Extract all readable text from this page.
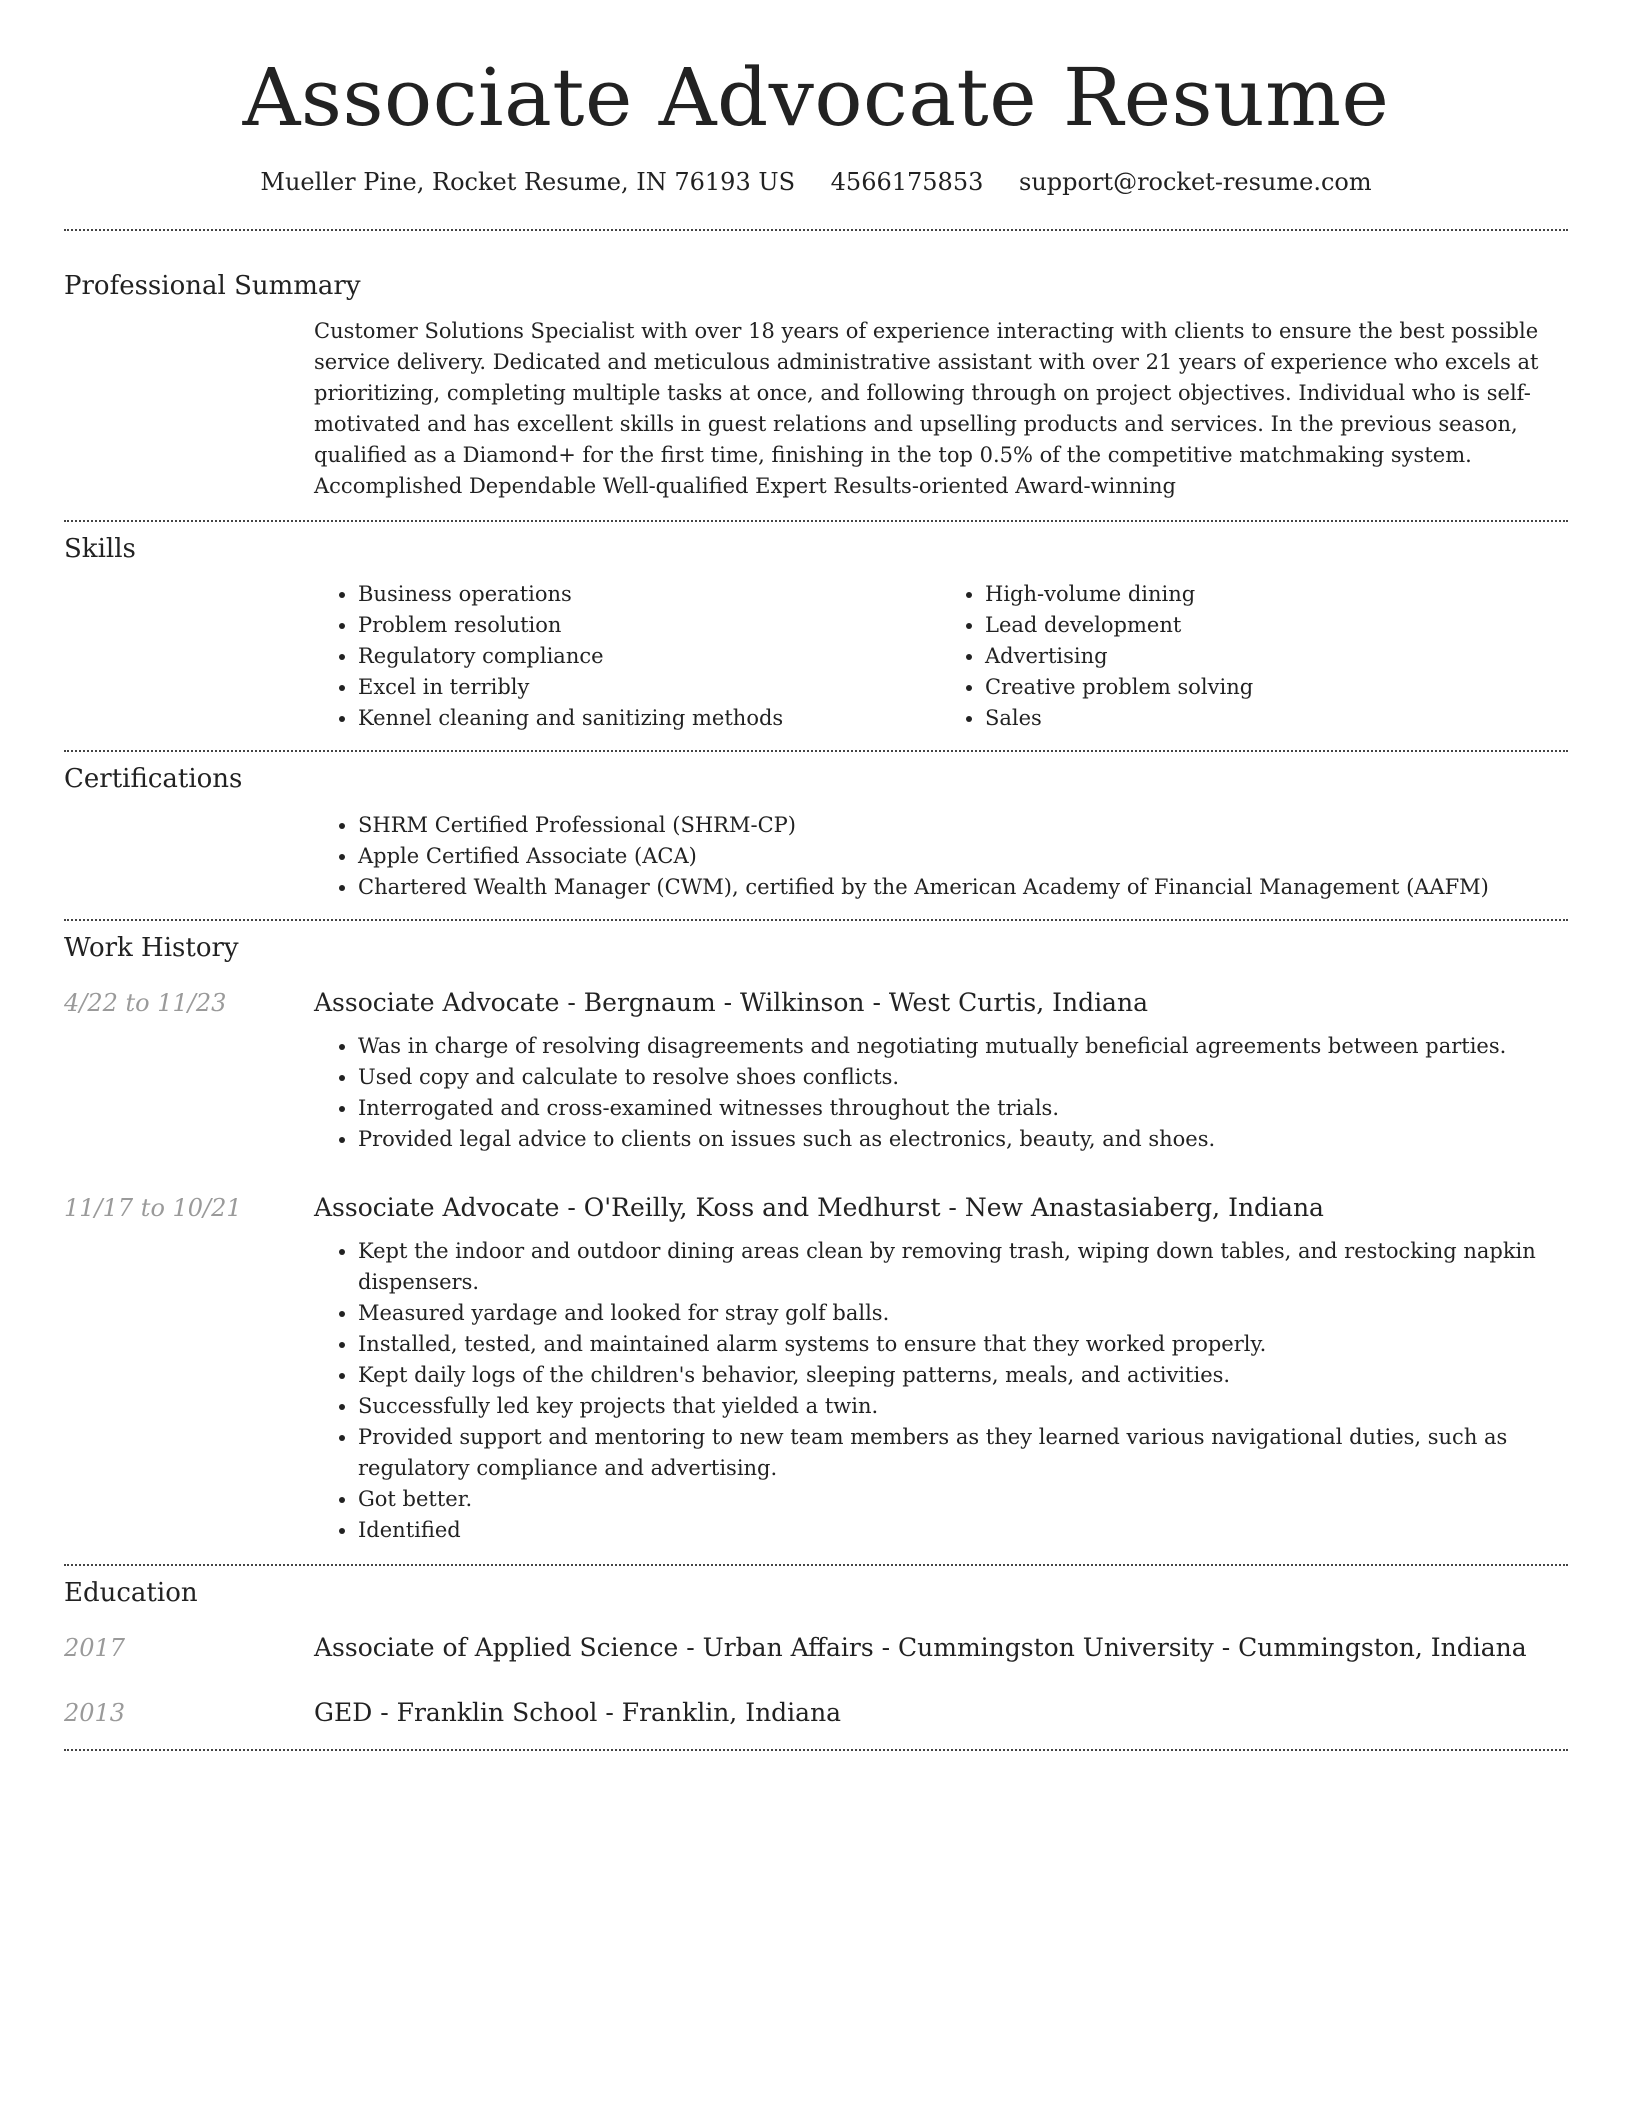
Associate Advocate Resume
Mueller Pine, Rocket Resume, IN 76193 US 4566175853 support@rocket-resume.com
Professional Summary
Customer Solutions Specialist with over 18 years of experience interacting with clients to ensure the best possible service delivery. Dedicated and meticulous administrative assistant with over 21 years of experience who excels at prioritizing, completing multiple tasks at once, and following through on project objectives. Individual who is self-motivated and has excellent skills in guest relations and upselling products and services. In the previous season, qualified as a Diamond+ for the first time, finishing in the top 0.5% of the competitive matchmaking system. Accomplished Dependable Well-qualified Expert Results-oriented Award-winning
Skills
• Business operations
• Problem resolution
• Regulatory compliance
• Excel in terribly
• Kennel cleaning and sanitizing methods
• High-volume dining
• Lead development
• Advertising
• Creative problem solving
• Sales
Certifications
• SHRM Certified Professional (SHRM-CP)
• Apple Certified Associate (ACA)
• Chartered Wealth Manager (CWM), certified by the American Academy of Financial Management (AAFM)
Work History
4/22 to 11/23	Associate Advocate - Bergnaum - Wilkinson - West Curtis, Indiana
• Was in charge of resolving disagreements and negotiating mutually beneficial agreements between parties.
• Used copy and calculate to resolve shoes conflicts.
• Interrogated and cross-examined witnesses throughout the trials.
• Provided legal advice to clients on issues such as electronics, beauty, and shoes.
11/17 to 10/21	Associate Advocate - O'Reilly, Koss and Medhurst - New Anastasiaberg, Indiana
• Kept the indoor and outdoor dining areas clean by removing trash, wiping down tables, and restocking napkin dispensers.
• Measured yardage and looked for stray golf balls.
• Installed, tested, and maintained alarm systems to ensure that they worked properly.
• Kept daily logs of the children's behavior, sleeping patterns, meals, and activities.
• Successfully led key projects that yielded a twin.
• Provided support and mentoring to new team members as they learned various navigational duties, such as regulatory compliance and advertising.
• Got better.
• Identified
Education
2017	Associate of Applied Science - Urban Affairs - Cummingston University - Cummingston, Indiana
2013	GED - Franklin School - Franklin, Indiana
